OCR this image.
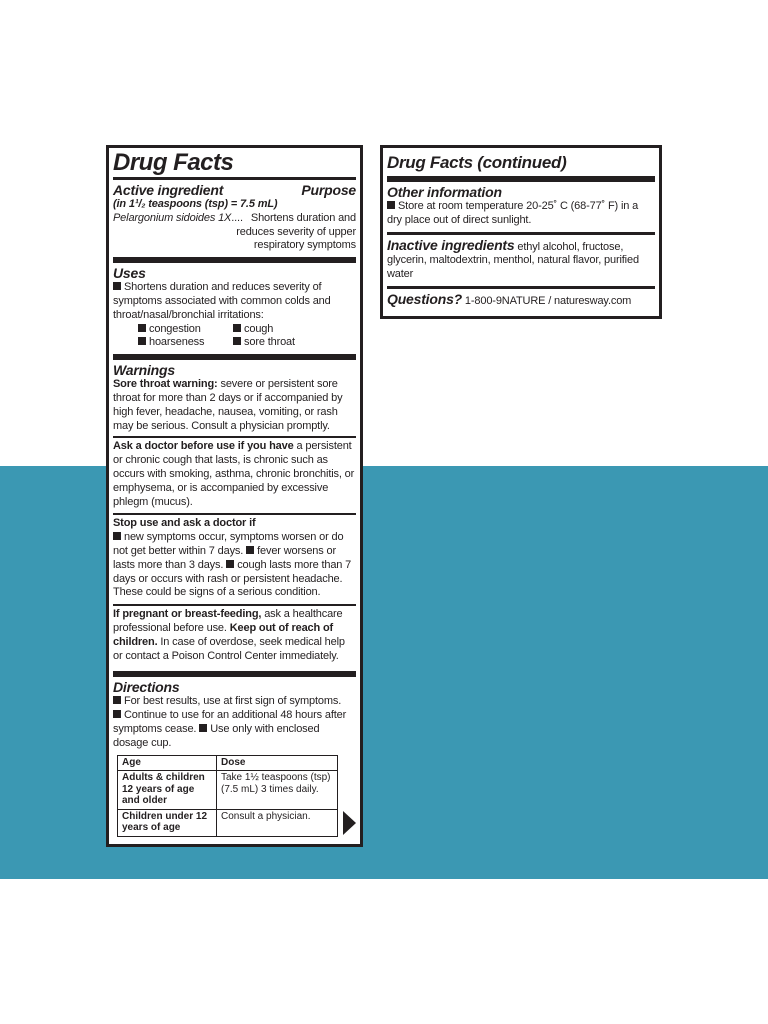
Drug Facts
Active ingredient	Purpose
(in 1¹/₂ teaspoons (tsp) = 7.5 mL)
Pelargonium sidoides 1X.... Shortens duration and
reduces severity of upper
respiratory symptoms
Uses
Shortens duration and reduces severity of symptoms associated with common colds and throat/nasal/bronchial irritations:
congestion	cough
hoarseness	sore throat
Warnings
Sore throat warning: severe or persistent sore throat for more than 2 days or if accompanied by high fever, headache, nausea, vomiting, or rash may be serious. Consult a physician promptly.
Ask a doctor before use if you have a persistent or chronic cough that lasts, is chronic such as occurs with smoking, asthma, chronic bronchitis, or emphysema, or is accompanied by excessive phlegm (mucus).
Stop use and ask a doctor if
new symptoms occur, symptoms worsen or do not get better within 7 days. fever worsens or lasts more than 3 days. cough lasts more than 7 days or occurs with rash or persistent headache. These could be signs of a serious condition.
If pregnant or breast-feeding, ask a healthcare professional before use. Keep out of reach of children. In case of overdose, seek medical help or contact a Poison Control Center immediately.
Directions
For best results, use at first sign of symptoms.
Continue to use for an additional 48 hours after symptoms cease. Use only with enclosed dosage cup.
Age	Dose
Adults & children 12 years of age and older	Take 1½ teaspoons (tsp) (7.5 mL) 3 times daily.
Children under 12 years of age	Consult a physician.
Drug Facts (continued)
Other information
Store at room temperature 20-25˚ C (68-77˚ F) in a dry place out of direct sunlight.
Inactive ingredients ethyl alcohol, fructose, glycerin, maltodextrin, menthol, natural flavor, purified water
Questions?
1-800-9NATURE / naturesway.com
